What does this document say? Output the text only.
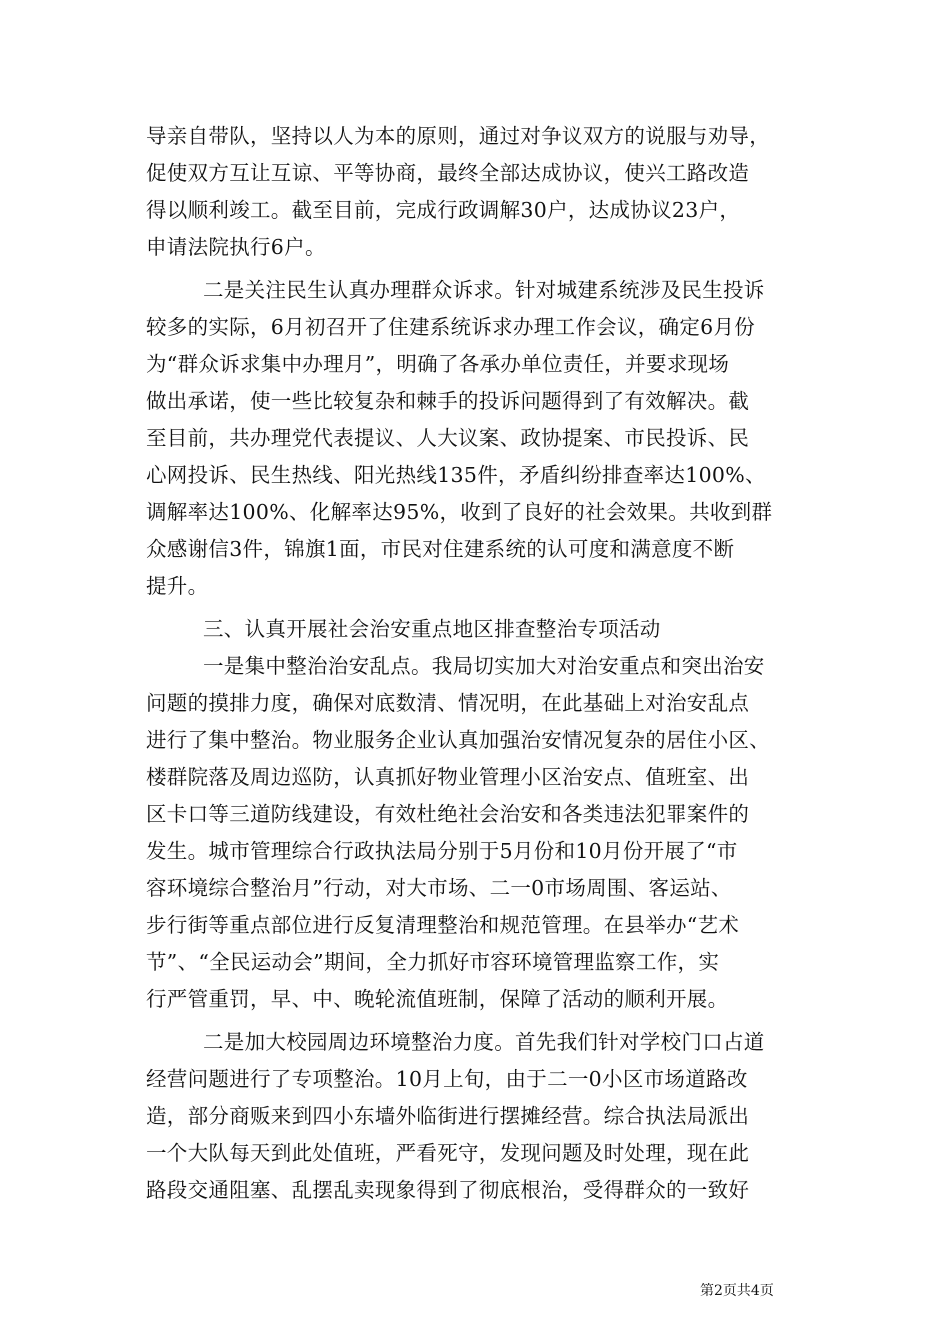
导亲自带队，坚持以人为本的原则，通过对争议双方的说服与劝导，
促使双方互让互谅、平等协商，最终全部达成协议，使兴工路改造
得以顺利竣工。截至目前，完成行政调解30户，达成协议23户，
申请法院执行6户。
二是关注民生认真办理群众诉求。针对城建系统涉及民生投诉
较多的实际，6月初召开了住建系统诉求办理工作会议，确定6月份
为“群众诉求集中办理月”，明确了各承办单位责任，并要求现场
做出承诺，使一些比较复杂和棘手的投诉问题得到了有效解决。截
至目前，共办理党代表提议、人大议案、政协提案、市民投诉、民
心网投诉、民生热线、阳光热线135件，矛盾纠纷排查率达100%、
调解率达100%、化解率达95%，收到了良好的社会效果。共收到群
众感谢信3件，锦旗1面，市民对住建系统的认可度和满意度不断
提升。
三、认真开展社会治安重点地区排查整治专项活动
一是集中整治治安乱点。我局切实加大对治安重点和突出治安
问题的摸排力度，确保对底数清、情况明，在此基础上对治安乱点
进行了集中整治。物业服务企业认真加强治安情况复杂的居住小区、
楼群院落及周边巡防，认真抓好物业管理小区治安点、值班室、出
区卡口等三道防线建设，有效杜绝社会治安和各类违法犯罪案件的
发生。城市管理综合行政执法局分别于5月份和10月份开展了“市
容环境综合整治月”行动，对大市场、二一0市场周围、客运站、
步行街等重点部位进行反复清理整治和规范管理。在县举办“艺术
节”、“全民运动会”期间，全力抓好市容环境管理监察工作，实
行严管重罚，早、中、晚轮流值班制，保障了活动的顺利开展。
二是加大校园周边环境整治力度。首先我们针对学校门口占道
经营问题进行了专项整治。10月上旬，由于二一0小区市场道路改
造，部分商贩来到四小东墙外临街进行摆摊经营。综合执法局派出
一个大队每天到此处值班，严看死守，发现问题及时处理，现在此
路段交通阻塞、乱摆乱卖现象得到了彻底根治，受得群众的一致好
第2页共4页
